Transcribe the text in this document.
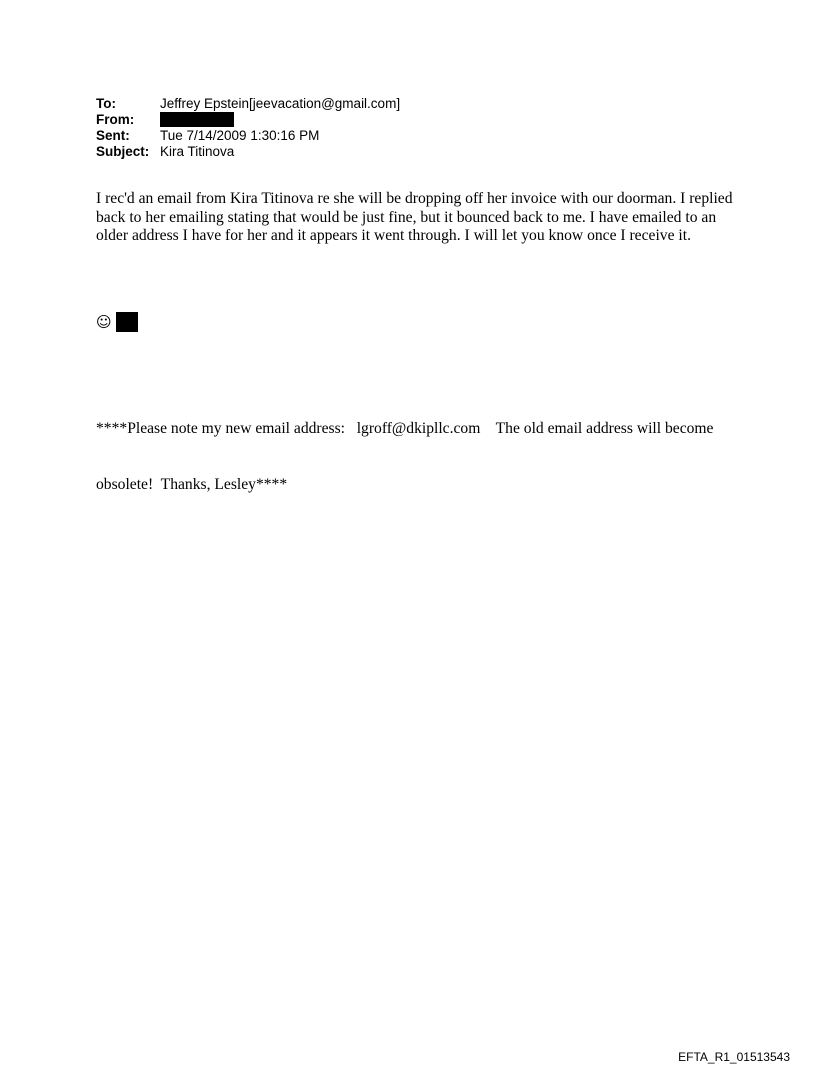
To:	Jeffrey Epstein[jeevacation@gmail.com]
From:
Sent:	Tue 7/14/2009 1:30:16 PM
Subject: Kira Titinova

I rec'd an email from Kira Titinova re she will be dropping off her invoice with our doorman. I replied back to her emailing stating that would be just fine, but it bounced back to me. I have emailed to an older address I have for her and it appears it went through. I will let you know once I receive it.

☺

****Please note my new email address:   lgroff@dkipllc.com    The old email address will become

obsolete!  Thanks, Lesley****

EFTA_R1_01513543
